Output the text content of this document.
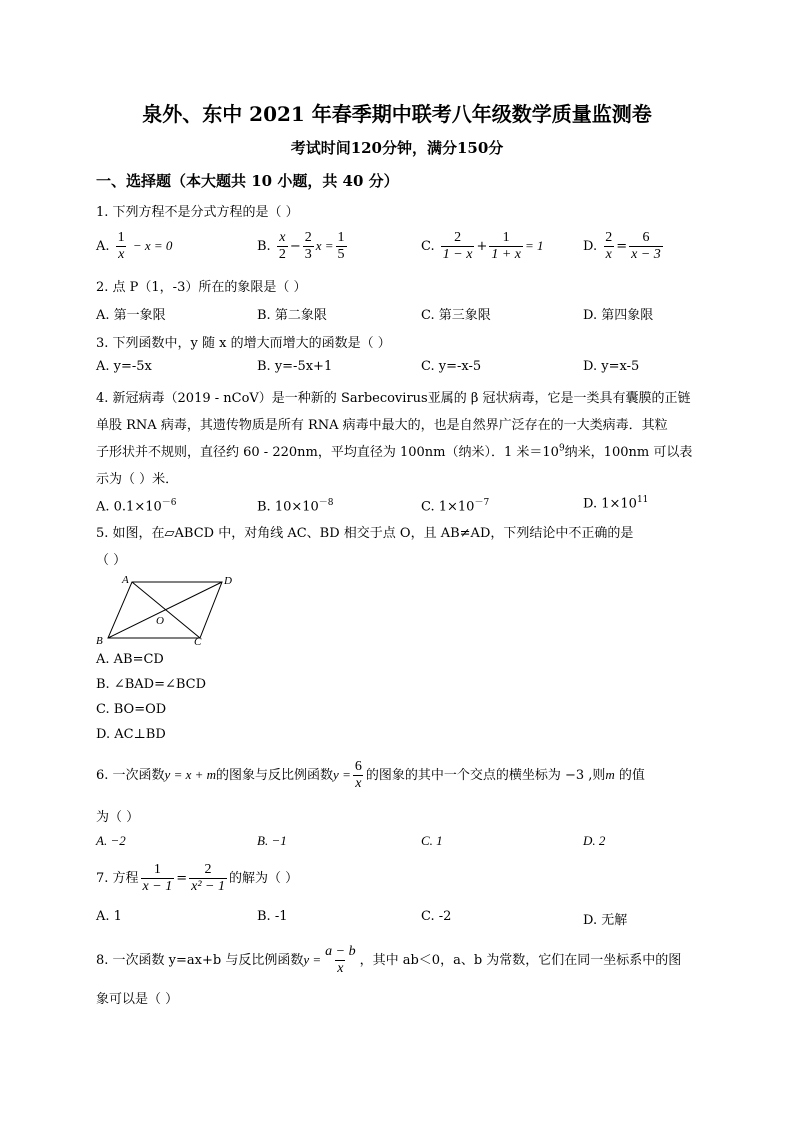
泉外、东中 2021 年春季期中联考八年级数学质量监测卷
考试时间120分钟，满分150分
一、选择题（本大题共 10 小题，共 40 分）
1. 下列方程不是分式方程的是（ ）
A. $\frac{1}{x} - x = 0$	B. $\frac{x}{2} - \frac{2}{3}$ $x = \frac{1}{5}$	C. $\frac{2}{1 - x} + \frac{1}{1 + x} = 1$	D. $\frac{2}{x} = \frac{6}{x - 3}$
2. 点 P（1，-3）所在的象限是（ ）
A. 第一象限	B. 第二象限	C. 第三象限	D. 第四象限
3. 下列函数中，y 随 x 的增大而增大的函数是（ ）
A. y=-5x	B. y=-5x+1	C. y=-x-5	D. y=x-5
4. 新冠病毒（2019 - nCoV）是一种新的 Sarbecovirus亚属的 β 冠状病毒，它是一类具有囊膜的正链
单股 RNA 病毒，其遗传物质是所有 RNA 病毒中最大的，也是自然界广泛存在的一大类病毒．其粒
子形状并不规则，直径约 60 - 220nm，平均直径为 100nm（纳米）．1 米$=10^9$纳米，100nm 可以表
示为（ ）米．
A. $0.1\times 10^{-6}$	B. $10\times 10^{-8}$	C. $1\times 10^{-7}$	D. $1\times 10^{11}$
5. 如图，在▱ABCD 中，对角线 AC、BD 相交于点 O，且 AB≠AD，下列结论中不正确的是
（ ）
A	D
B	C
O
A. AB=CD
B. ∠BAD=∠BCD
C. BO=OD
D. AC⊥BD
6. 一次函数y = x + m的图象与反比例函数$y = \frac{6}{x}$ 的图象的其中一个交点的横坐标为 −3 ,则m 的值
为（ ）
A. −2	B. −1	C. 1	D. 2
7. 方程 $\frac{1}{x - 1} = \frac{2}{\text{x² − 1}}$ 的解为（ ）
A. 1	B. -1	C. -2	D. 无解
8. 一次函数 y=ax+b 与反比例函数$y = \frac{a - b}{x}$ ，其中 ab＜0，a、b 为常数，它们在同一坐标系中的图
象可以是（ ）
